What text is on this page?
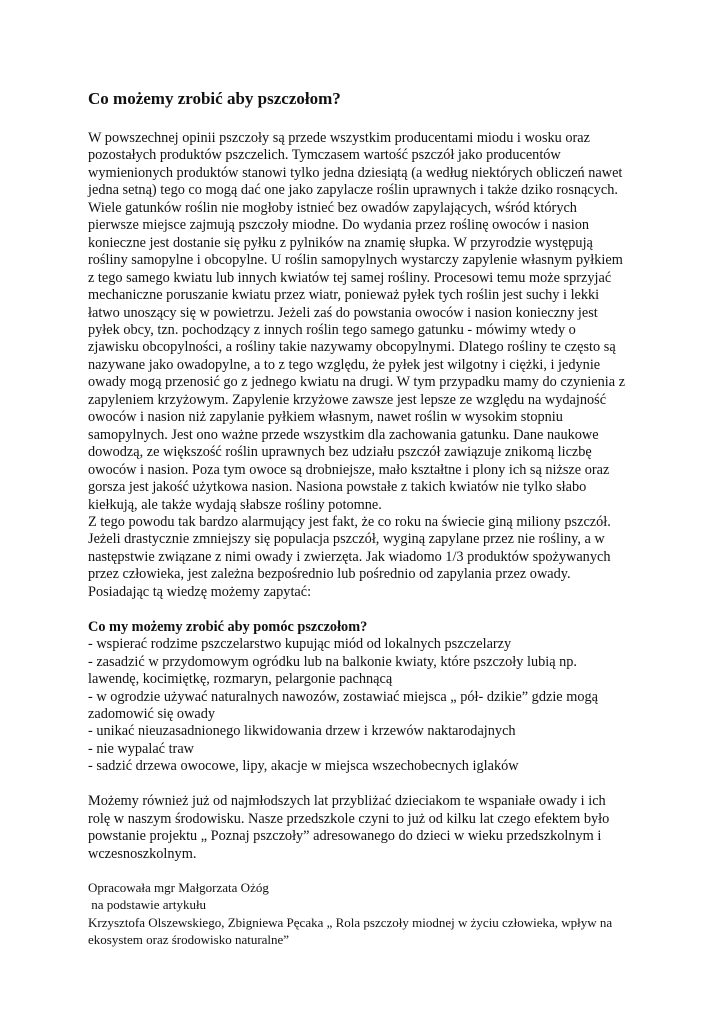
Co możemy zrobić aby pszczołom?

W powszechnej opinii pszczoły są przede wszystkim producentami miodu i wosku oraz

pozostałych produktów pszczelich. Tymczasem wartość pszczół jako producentów

wymienionych produktów stanowi tylko jedna dziesiątą (a według niektórych obliczeń nawet

jedna setną) tego co mogą dać one jako zapylacze roślin uprawnych i także dziko rosnących.

Wiele gatunków roślin nie mogłoby istnieć bez owadów zapylających, wśród których

pierwsze miejsce zajmują pszczoły miodne. Do wydania przez roślinę owoców i nasion

konieczne jest dostanie się pyłku z pylników na znamię słupka. W przyrodzie występują

rośliny samopylne i obcopylne. U roślin samopylnych wystarczy zapylenie własnym pyłkiem

z tego samego kwiatu lub innych kwiatów tej samej rośliny. Procesowi temu może sprzyjać

mechaniczne poruszanie kwiatu przez wiatr, ponieważ pyłek tych roślin jest suchy i lekki

łatwo unoszący się w powietrzu. Jeżeli zaś do powstania owoców i nasion konieczny jest

pyłek obcy, tzn. pochodzący z innych roślin tego samego gatunku - mówimy wtedy o

zjawisku obcopylności, a rośliny takie nazywamy obcopylnymi. Dlatego rośliny te często są

nazywane jako owadopylne, a to z tego względu, że pyłek jest wilgotny i ciężki, i jedynie

owady mogą przenosić go z jednego kwiatu na drugi. W tym przypadku mamy do czynienia z

zapyleniem krzyżowym. Zapylenie krzyżowe zawsze jest lepsze ze względu na wydajność

owoców i nasion niż zapylanie pyłkiem własnym, nawet roślin w wysokim stopniu

samopylnych. Jest ono ważne przede wszystkim dla zachowania gatunku. Dane naukowe

dowodzą, ze większość roślin uprawnych bez udziału pszczół zawiązuje znikomą liczbę

owoców i nasion. Poza tym owoce są drobniejsze, mało kształtne i plony ich są niższe oraz

gorsza jest jakość użytkowa nasion. Nasiona powstałe z takich kwiatów nie tylko słabo

kiełkują, ale także wydają słabsze rośliny potomne.

Z tego powodu tak bardzo alarmujący jest fakt, że co roku na świecie giną miliony pszczół.

Jeżeli drastycznie zmniejszy się populacja pszczół, wyginą zapylane przez nie rośliny, a w

następstwie związane z nimi owady i zwierzęta. Jak wiadomo 1/3 produktów spożywanych

przez człowieka, jest zależna bezpośrednio lub pośrednio od zapylania przez owady.

Posiadając tą wiedzę możemy zapytać:

Co my możemy zrobić aby pomóc pszczołom?

- wspierać rodzime pszczelarstwo kupując miód od lokalnych pszczelarzy

- zasadzić w przydomowym ogródku lub na balkonie kwiaty, które pszczoły lubią np.

lawendę, kocimiętkę, rozmaryn, pelargonie pachnącą

- w ogrodzie używać naturalnych nawozów, zostawiać miejsca „ pół- dzikie” gdzie mogą

zadomowić się owady

- unikać nieuzasadnionego likwidowania drzew i krzewów naktarodajnych

- nie wypalać traw

- sadzić drzewa owocowe, lipy, akacje w miejsca wszechobecnych iglaków

Możemy również już od najmłodszych lat przybliżać dzieciakom te wspaniałe owady i ich

rolę w naszym środowisku. Nasze przedszkole czyni to już od kilku lat czego efektem było

powstanie projektu „ Poznaj pszczoły” adresowanego do dzieci w wieku przedszkolnym i

wczesnoszkolnym.

Opracowała mgr Małgorzata Ożóg

na podstawie artykułu

Krzysztofa Olszewskiego, Zbigniewa Pęcaka „ Rola pszczoły miodnej w życiu człowieka, wpływ na

ekosystem oraz środowisko naturalne”
